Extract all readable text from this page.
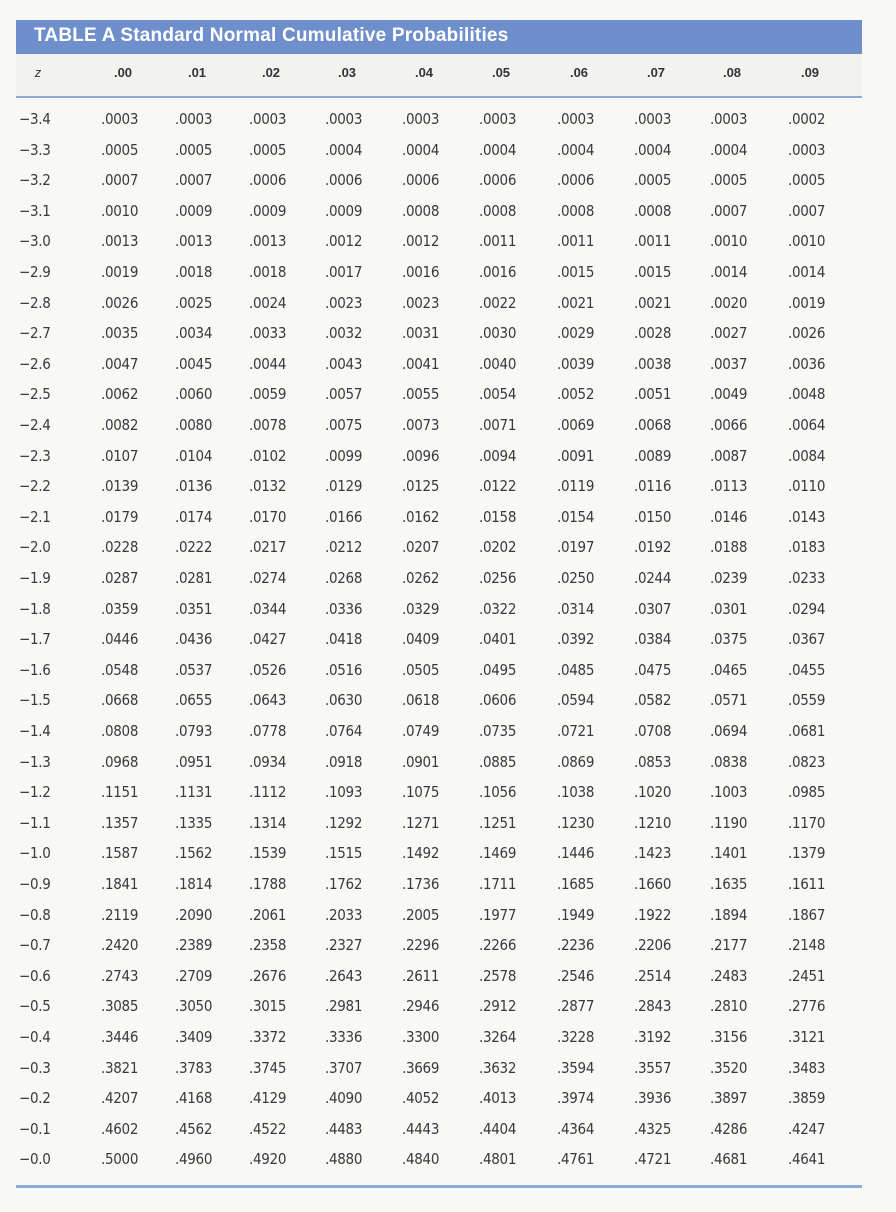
TABLE A Standard Normal Cumulative Probabilities
z	.00	.01	.02	.03	.04	.05	.06	.07	.08	.09
−3.4	.0003 .0003 .0003	.0003	.0003	.0003	.0003	.0003	.0003	.0002
−3.3	.0005 .0005 .0005	.0004	.0004	.0004	.0004	.0004	.0004	.0003
−3.2	.0007 .0007 .0006	.0006	.0006	.0006	.0006	.0005	.0005	.0005
−3.1	.0010 .0009 .0009	.0009	.0008	.0008	.0008	.0008	.0007	.0007
−3.0	.0013 .0013 .0013	.0012	.0012	.0011	.0011	.0011	.0010	.0010
−2.9	.0019 .0018 .0018	.0017	.0016	.0016	.0015	.0015	.0014	.0014
−2.8	.0026 .0025 .0024	.0023	.0023	.0022	.0021	.0021	.0020	.0019
−2.7	.0035 .0034 .0033	.0032	.0031	.0030	.0029	.0028	.0027	.0026
−2.6	.0047 .0045 .0044	.0043	.0041	.0040	.0039	.0038	.0037	.0036
−2.5	.0062 .0060 .0059	.0057	.0055	.0054	.0052	.0051	.0049	.0048
−2.4	.0082 .0080 .0078	.0075	.0073	.0071	.0069	.0068	.0066	.0064
−2.3	.0107 .0104 .0102	.0099	.0096	.0094	.0091	.0089	.0087	.0084
−2.2	.0139 .0136 .0132	.0129	.0125	.0122	.0119	.0116	.0113	.0110
−2.1	.0179 .0174 .0170	.0166	.0162	.0158	.0154	.0150	.0146	.0143
−2.0	.0228 .0222 .0217	.0212	.0207	.0202	.0197	.0192	.0188	.0183
−1.9	.0287 .0281 .0274	.0268	.0262	.0256	.0250	.0244	.0239	.0233
−1.8	.0359 .0351 .0344	.0336	.0329	.0322	.0314	.0307	.0301	.0294
−1.7	.0446 .0436 .0427	.0418	.0409	.0401	.0392	.0384	.0375	.0367
−1.6	.0548 .0537 .0526	.0516	.0505	.0495	.0485	.0475	.0465	.0455
−1.5	.0668 .0655 .0643	.0630	.0618	.0606	.0594	.0582	.0571	.0559
−1.4	.0808 .0793 .0778	.0764	.0749	.0735	.0721	.0708	.0694	.0681
−1.3	.0968 .0951 .0934	.0918	.0901	.0885	.0869	.0853	.0838	.0823
−1.2	.1151 .1131 .1112	.1093	.1075	.1056	.1038	.1020	.1003	.0985
−1.1	.1357 .1335 .1314	.1292	.1271	.1251	.1230	.1210	.1190	.1170
−1.0	.1587 .1562 .1539	.1515	.1492	.1469	.1446	.1423	.1401	.1379
−0.9	.1841 .1814 .1788	.1762	.1736	.1711	.1685	.1660	.1635	.1611
−0.8	.2119 .2090 .2061	.2033	.2005	.1977	.1949	.1922	.1894	.1867
−0.7	.2420 .2389 .2358	.2327	.2296	.2266	.2236	.2206	.2177	.2148
−0.6	.2743 .2709 .2676	.2643	.2611	.2578	.2546	.2514	.2483	.2451
−0.5	.3085 .3050 .3015	.2981	.2946	.2912	.2877	.2843	.2810	.2776
−0.4	.3446 .3409 .3372	.3336	.3300	.3264	.3228	.3192	.3156	.3121
−0.3	.3821 .3783 .3745	.3707	.3669	.3632	.3594	.3557	.3520	.3483
−0.2	.4207 .4168 .4129	.4090	.4052	.4013	.3974	.3936	.3897	.3859
−0.1	.4602 .4562 .4522	.4483	.4443	.4404	.4364	.4325	.4286	.4247
−0.0	.5000 .4960 .4920	.4880	.4840	.4801	.4761	.4721	.4681	.4641
